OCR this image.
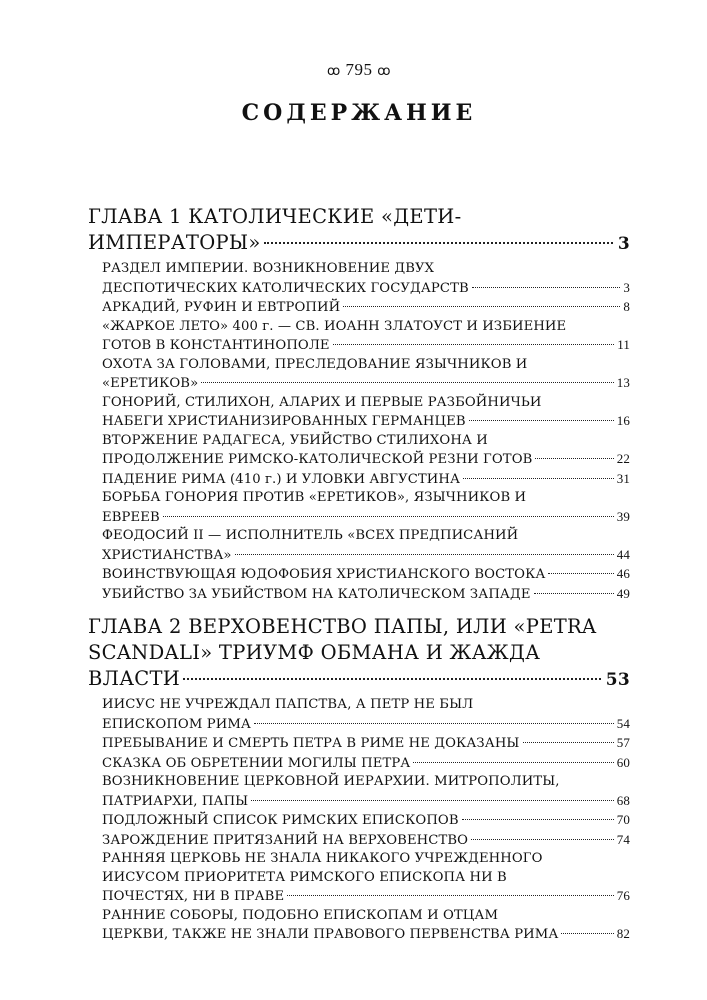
ꝏ 795 ꝏ
СОДЕРЖАНИЕ
ГЛАВА 1 КАТОЛИЧЕСКИЕ «ДЕТИ-
ИМПЕРАТОРЫ»	3
РАЗДЕЛ ИМПЕРИИ. ВОЗНИКНОВЕНИЕ ДВУХ
ДЕСПОТИЧЕСКИХ КАТОЛИЧЕСКИХ ГОСУДАРСТВ	3
АРКАДИЙ, РУФИН И ЕВТРОПИЙ	8
«ЖАРКОЕ ЛЕТО» 400 г. — СВ. ИОАНН ЗЛАТОУСТ И ИЗБИЕНИЕ
ГОТОВ В КОНСТАНТИНОПОЛЕ	11
ОХОТА ЗА ГОЛОВАМИ, ПРЕСЛЕДОВАНИЕ ЯЗЫЧНИКОВ И
«ЕРЕТИКОВ»	13
ГОНОРИЙ, СТИЛИХОН, АЛАРИХ И ПЕРВЫЕ РАЗБОЙНИЧЬИ
НАБЕГИ ХРИСТИАНИЗИРОВАННЫХ ГЕРМАНЦЕВ	16
ВТОРЖЕНИЕ РАДАГЕСА, УБИЙСТВО СТИЛИХОНА И
ПРОДОЛЖЕНИЕ РИМСКО-КАТОЛИЧЕСКОЙ РЕЗНИ ГОТОВ	22
ПАДЕНИЕ РИМА (410 г.) И УЛОВКИ АВГУСТИНА	31
БОРЬБА ГОНОРИЯ ПРОТИВ «ЕРЕТИКОВ», ЯЗЫЧНИКОВ И
ЕВРЕЕВ	39
ФЕОДОСИЙ II — ИСПОЛНИТЕЛЬ «ВСЕХ ПРЕДПИСАНИЙ
ХРИСТИАНСТВА»	44
ВОИНСТВУЮЩАЯ ЮДОФОБИЯ ХРИСТИАНСКОГО ВОСТОКА	46
УБИЙСТВО ЗА УБИЙСТВОМ НА КАТОЛИЧЕСКОМ ЗАПАДЕ	49
ГЛАВА 2 ВЕРХОВЕНСТВО ПАПЫ, ИЛИ «PETRA
SCANDALI» ТРИУМФ ОБМАНА И ЖАЖДА
ВЛАСТИ	53
ИИСУС НЕ УЧРЕЖДАЛ ПАПСТВА, А ПЕТР НЕ БЫЛ
ЕПИСКОПОМ РИМА	54
ПРЕБЫВАНИЕ И СМЕРТЬ ПЕТРА В РИМЕ НЕ ДОКАЗАНЫ	57
СКАЗКА ОБ ОБРЕТЕНИИ МОГИЛЫ ПЕТРА	60
ВОЗНИКНОВЕНИЕ ЦЕРКОВНОЙ ИЕРАРХИИ. МИТРОПОЛИТЫ,
ПАТРИАРХИ, ПАПЫ	68
ПОДЛОЖНЫЙ СПИСОК РИМСКИХ ЕПИСКОПОВ	70
ЗАРОЖДЕНИЕ ПРИТЯЗАНИЙ НА ВЕРХОВЕНСТВО	74
РАННЯЯ ЦЕРКОВЬ НЕ ЗНАЛА НИКАКОГО УЧРЕЖДЕННОГО
ИИСУСОМ ПРИОРИТЕТА РИМСКОГО ЕПИСКОПА НИ В
ПОЧЕСТЯХ, НИ В ПРАВЕ	76
РАННИЕ СОБОРЫ, ПОДОБНО ЕПИСКОПАМ И ОТЦАМ
ЦЕРКВИ, ТАКЖЕ НЕ ЗНАЛИ ПРАВОВОГО ПЕРВЕНСТВА РИМА	82
